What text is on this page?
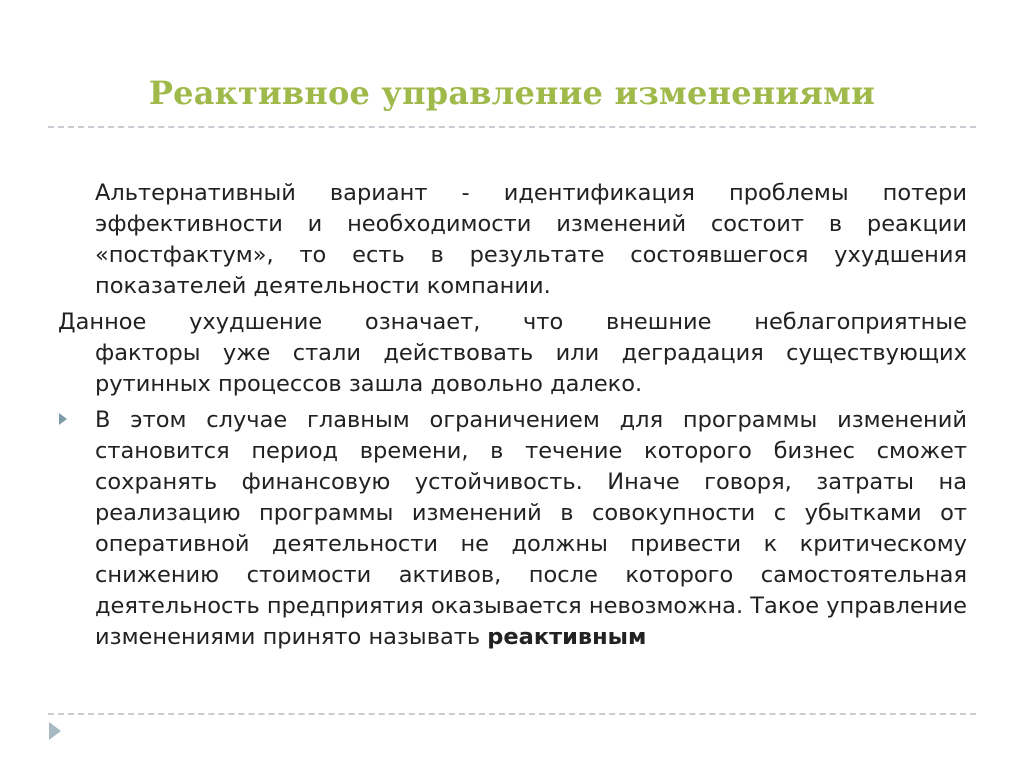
Реактивное управление изменениями
Альтернативный вариант - идентификация проблемы потери эффективности и необходимости изменений состоит в реакции «постфактум», то есть в результате состоявшегося ухудшения показателей деятельности компании.
Данное ухудшение означает, что внешние неблагоприятные
факторы уже стали действовать или деградация существующих рутинных процессов зашла довольно далеко.
В этом случае главным ограничением для программы изменений становится период времени, в течение которого бизнес сможет сохранять финансовую устойчивость. Иначе говоря, затраты на реализацию программы изменений в совокупности с убытками от оперативной деятельности не должны привести к критическому снижению стоимости активов, после которого самостоятельная деятельность предприятия оказывается невозможна. Такое управление изменениями принято называть реактивным
